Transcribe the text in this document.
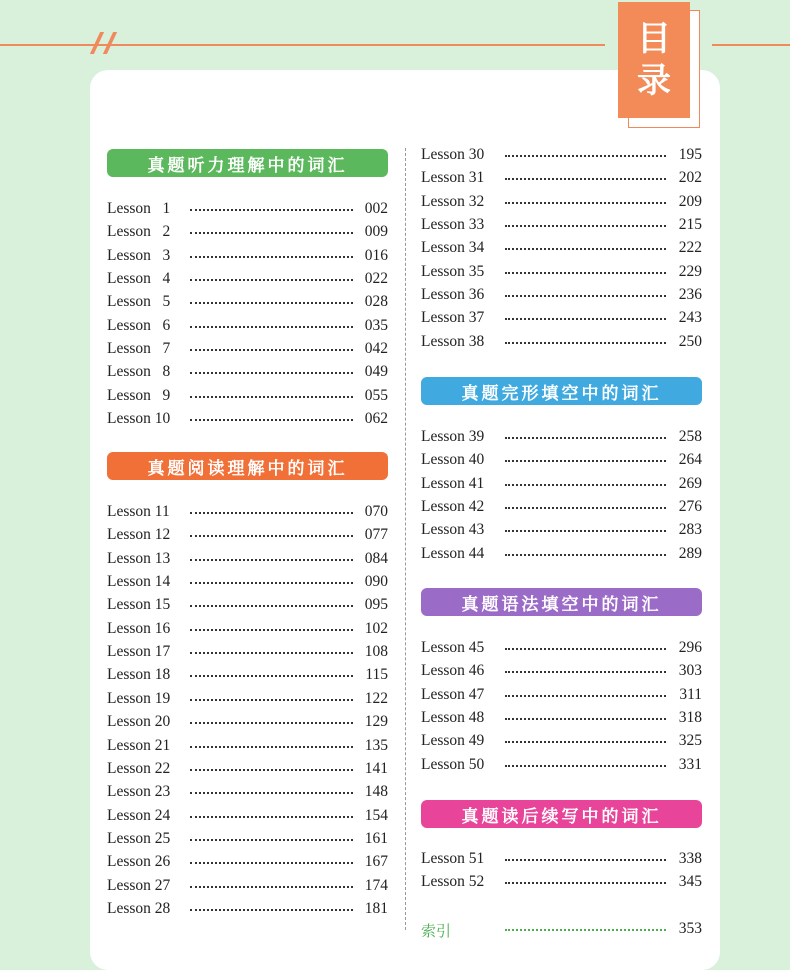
目
录
真题听力理解中的词汇
Lesson   1	002
Lesson   2	009
Lesson   3	016
Lesson   4	022
Lesson   5	028
Lesson   6	035
Lesson   7	042
Lesson   8	049
Lesson   9	055
Lesson 10	062
真题阅读理解中的词汇
Lesson 11	070
Lesson 12	077
Lesson 13	084
Lesson 14	090
Lesson 15	095
Lesson 16	102
Lesson 17	108
Lesson 18	115
Lesson 19	122
Lesson 20	129
Lesson 21	135
Lesson 22	141
Lesson 23	148
Lesson 24	154
Lesson 25	161
Lesson 26	167
Lesson 27	174
Lesson 28	181
Lesson 30	195
Lesson 31	202
Lesson 32	209
Lesson 33	215
Lesson 34	222
Lesson 35	229
Lesson 36	236
Lesson 37	243
Lesson 38	250
真题完形填空中的词汇
Lesson 39	258
Lesson 40	264
Lesson 41	269
Lesson 42	276
Lesson 43	283
Lesson 44	289
真题语法填空中的词汇
Lesson 45	296
Lesson 46	303
Lesson 47	311
Lesson 48	318
Lesson 49	325
Lesson 50	331
真题读后续写中的词汇
Lesson 51	338
Lesson 52	345
索引	353
